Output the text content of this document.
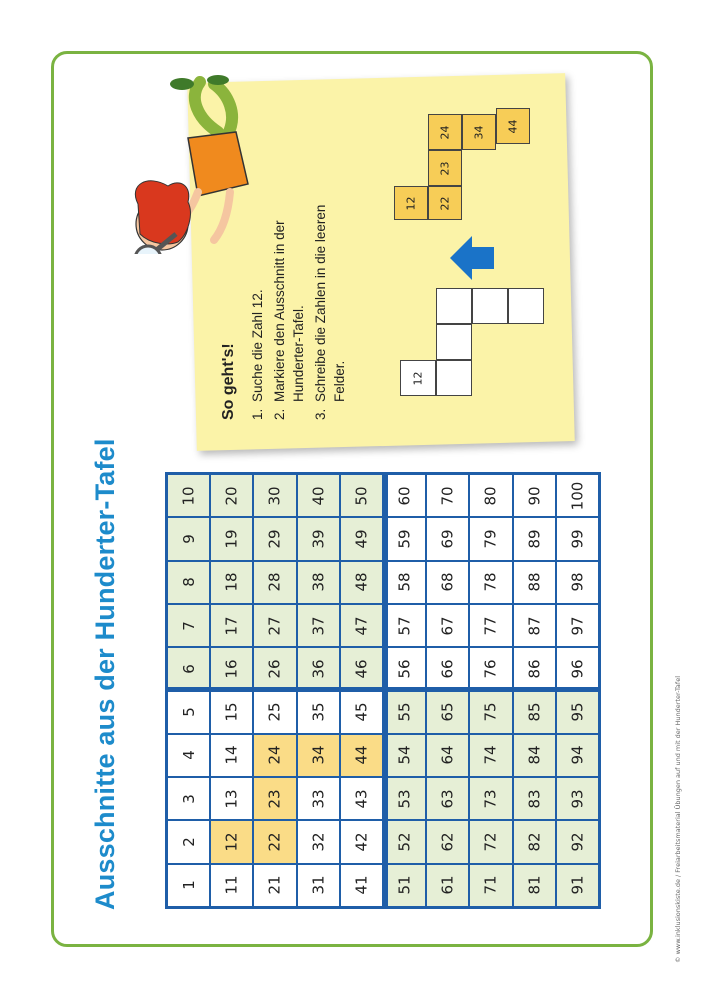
© www.inklusionskiste.de / Freiarbeitsmaterial Übungen auf und mit der Hunderter-Tafel
Ausschnitte aus der Hunderter-Tafel
So geht's! 1.Suche die Zahl 12.
2.
Markiere den Ausschnitt in der Hunderter-Tafel.
3.
Schreibe die Zahlen in die leeren Felder.	12
12 22
23
24 34 44
1
2
3
4
5
6
7
8
9
10
11
12
13
14
15
16
17
18
19
20
21
22
23
24
25
26
27
28
29
30
31
32
33
34
35
36
37
38
39
40
41
42
43
44
45
46
47
48
49
50
51
52
53
54
55
56
57
58
59
60
61
62
63
64
65
66
67
68
69
70
71
72
73
74
75
76
77
78
79
80
81
82
83
84
85
86
87
88
89
90
91
92
93
94
95
96
97
98
99
100
